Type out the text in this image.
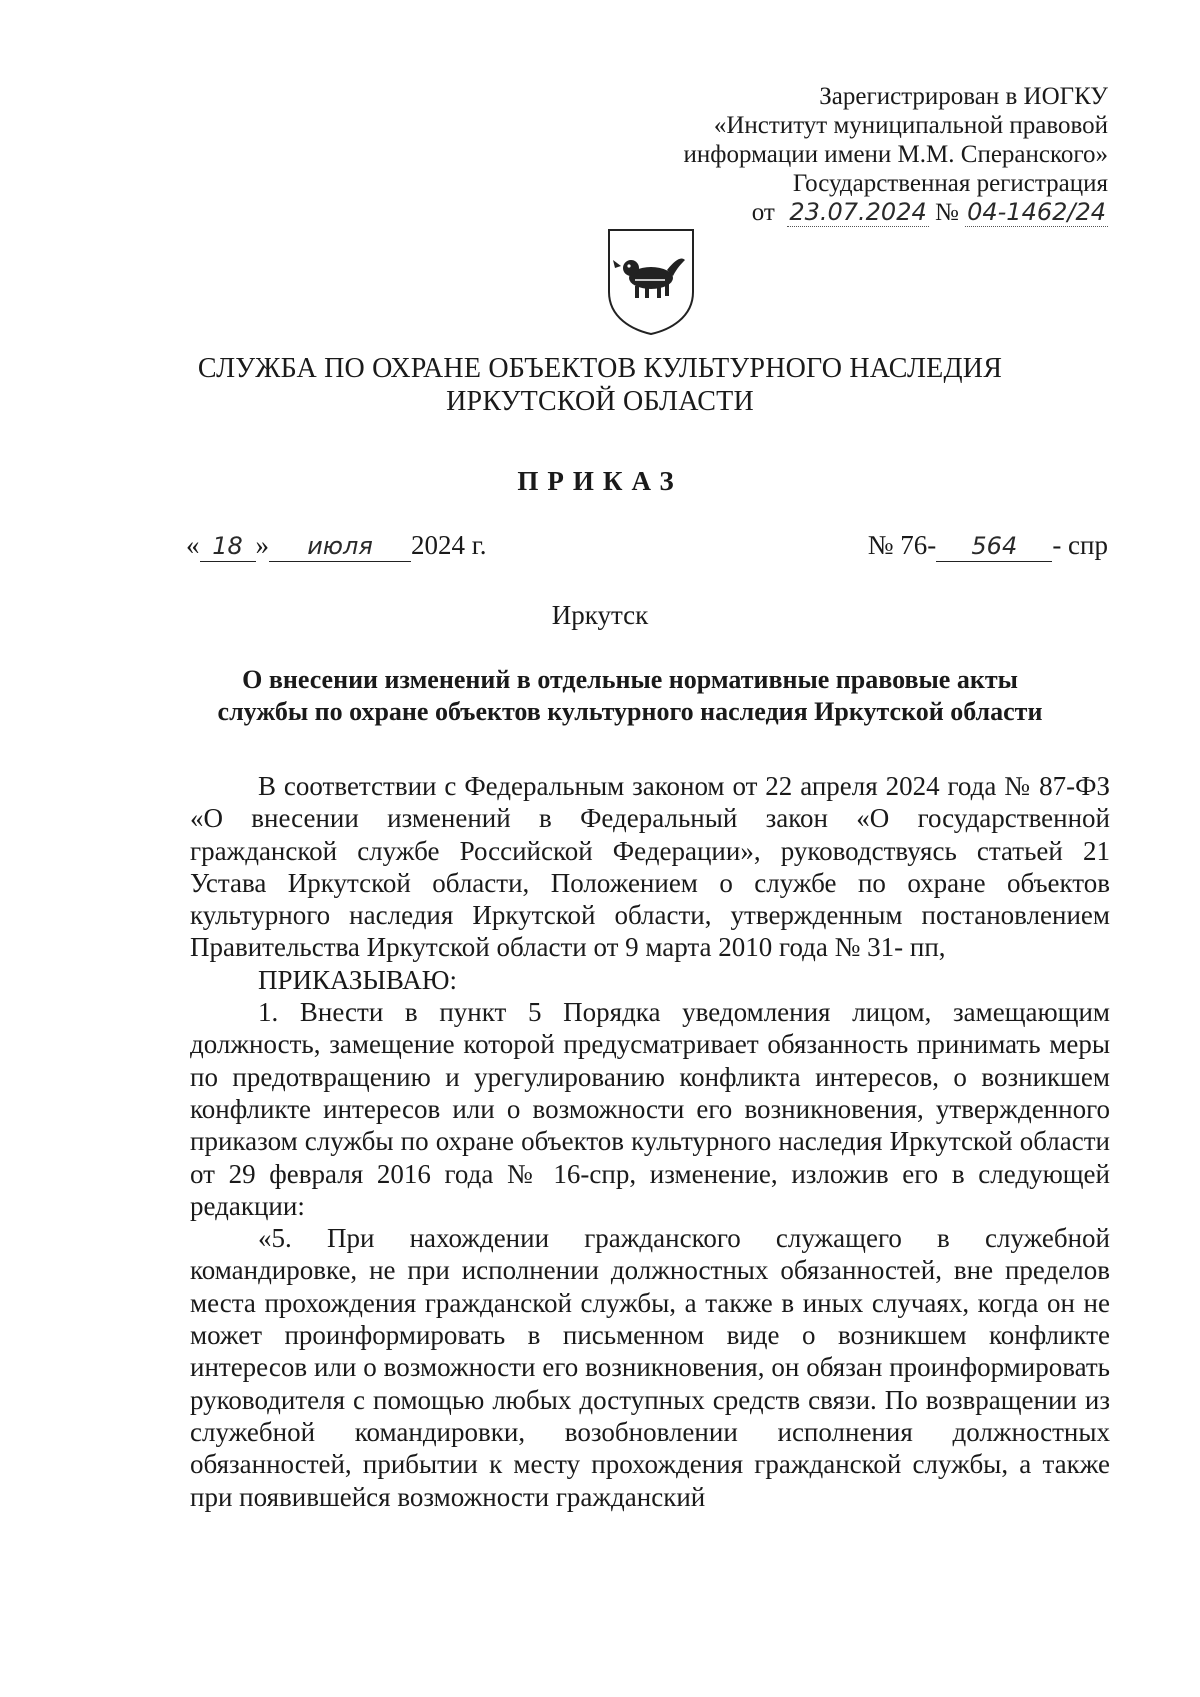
Зарегистрирован в ИОГКУ
«Институт муниципальной правовой
информации имени М.М. Сперанского»
Государственная регистрация
от 23.07.2024 № 04-1462/24
СЛУЖБА ПО ОХРАНЕ ОБЪЕКТОВ КУЛЬТУРНОГО НАСЛЕДИЯ
ИРКУТСКОЙ ОБЛАСТИ
ПРИКАЗ
« 18 »	июля	2024 г.	№ 76-	564	- спр
Иркутск
О внесении изменений в отдельные нормативные правовые акты
службы по охране объектов культурного наследия Иркутской области

В соответствии с Федеральным законом от 22 апреля 2024 года № 87-ФЗ «О внесении изменений в Федеральный закон «О государственной гражданской службе Российской Федерации», руководствуясь статьей 21 Устава Иркутской области, Положением о службе по охране объектов культурного наследия Иркутской области, утвержденным постановлением Правительства Иркутской области от 9 марта 2010 года № 31- пп,

ПРИКАЗЫВАЮ:

1. Внести в пункт 5 Порядка уведомления лицом, замещающим должность, замещение которой предусматривает обязанность принимать меры по предотвращению и урегулированию конфликта интересов, о возникшем конфликте интересов или о возможности его возникновения, утвержденного приказом службы по охране объектов культурного наследия Иркутской области от 29 февраля 2016 года № 16-спр, изменение, изложив его в следующей редакции:

«5. При нахождении гражданского служащего в служебной командировке, не при исполнении должностных обязанностей, вне пределов места прохождения гражданской службы, а также в иных случаях, когда он не может проинформировать в письменном виде о возникшем конфликте интересов или о возможности его возникновения, он обязан проинформировать руководителя с помощью любых доступных средств связи. По возвращении из служебной командировки, возобновлении исполнения должностных обязанностей, прибытии к месту прохождения гражданской службы, а также при появившейся возможности гражданский
